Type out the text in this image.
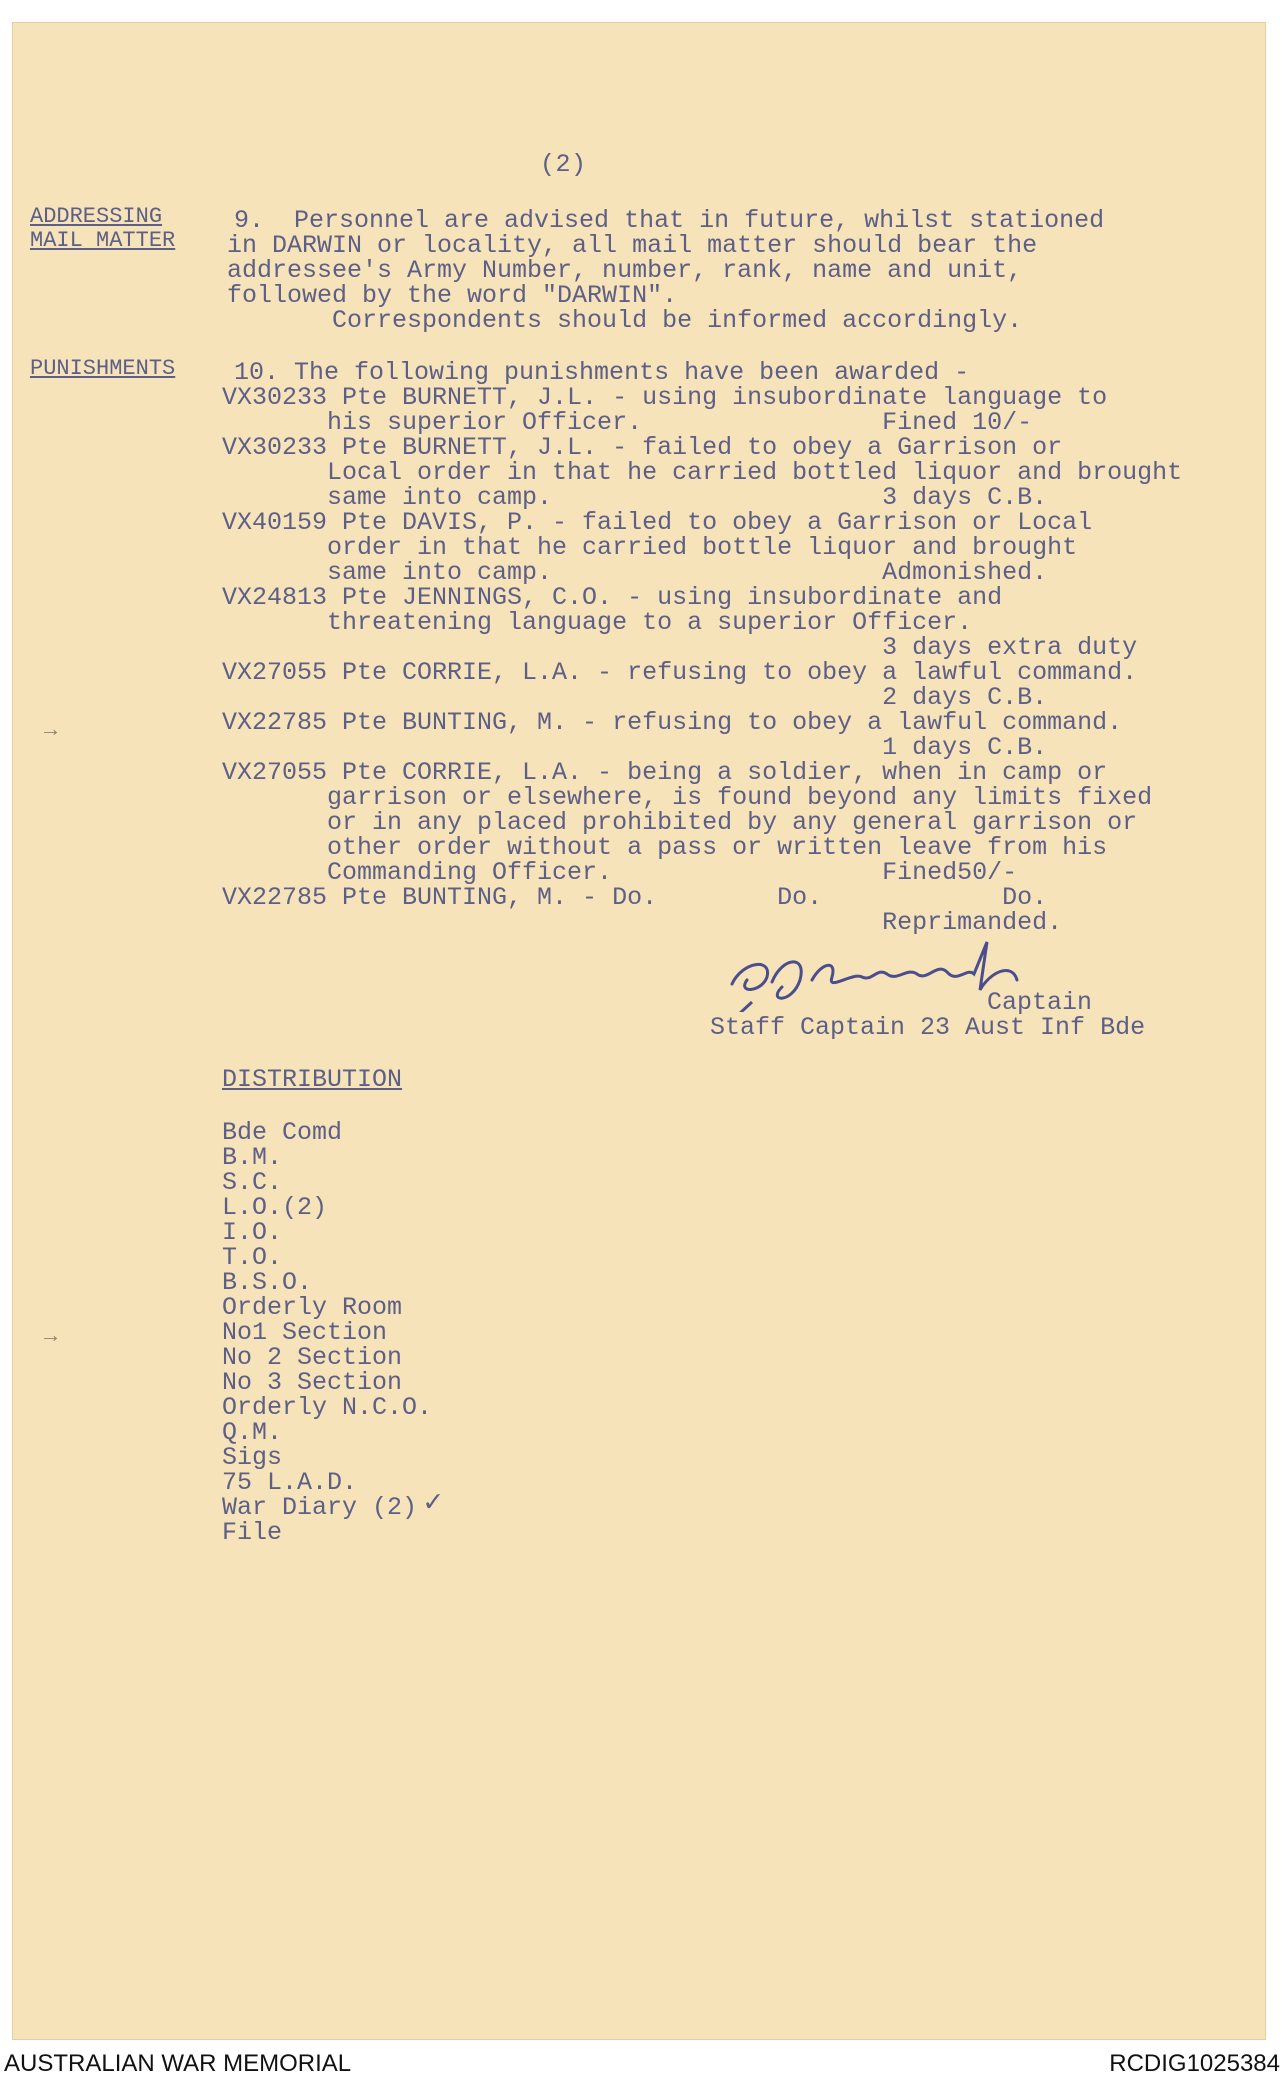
(2)
ADDRESSING
MAIL MATTER
9.  Personnel are advised that in future, whilst stationed
in DARWIN or locality, all mail matter should bear the
addressee's Army Number, number, rank, name and unit,
followed by the word "DARWIN".
Correspondents should be informed accordingly.
PUNISHMENTS 10. The following punishments have been awarded -
VX30233 Pte BURNETT, J.L. - using insubordinate language to
his superior Officer.                Fined 10/-
VX30233 Pte BURNETT, J.L. - failed to obey a Garrison or
Local order in that he carried bottled liquor and brought
same into camp.                      3 days C.B.
VX40159 Pte DAVIS, P. - failed to obey a Garrison or Local
order in that he carried bottle liquor and brought
same into camp.                      Admonished.
VX24813 Pte JENNINGS, C.O. - using insubordinate and
threatening language to a superior Officer.
3 days extra duty
VX27055 Pte CORRIE, L.A. - refusing to obey a lawful command.
2 days C.B.
VX22785 Pte BUNTING, M. - refusing to obey a lawful command.
1 days C.B.
VX27055 Pte CORRIE, L.A. - being a soldier, when in camp or
garrison or elsewhere, is found beyond any limits fixed
or in any placed prohibited by any general garrison or
other order without a pass or written leave from his
Commanding Officer.                  Fined50/-
VX22785 Pte BUNTING, M. - Do.        Do.            Do.
Reprimanded.
Captain
Staff Captain 23 Aust Inf Bde
DISTRIBUTION
Bde Comd
B.M.
S.C.
L.O.(2)
I.O.
T.O.
B.S.O.
Orderly Room
No1 Section
No 2 Section
No 3 Section
Orderly N.C.O.
Q.M.
Sigs
75 L.A.D.
War Diary (2)
File
✓
→
→
AUSTRALIAN WAR MEMORIAL	RCDIG1025384
